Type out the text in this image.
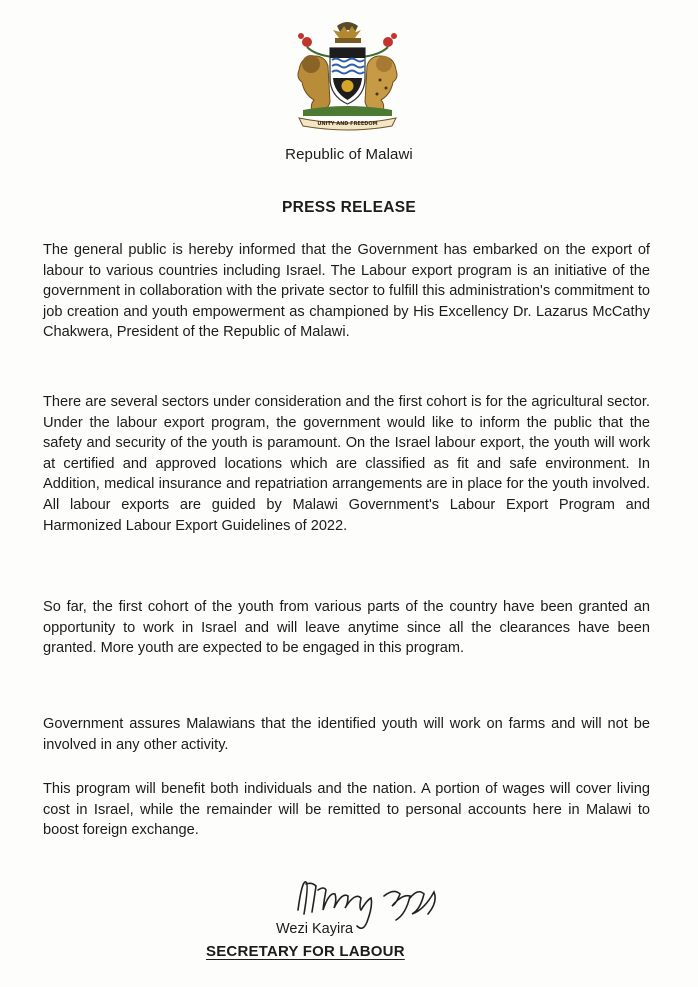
UNITY AND FREEDOM
Republic of Malawi
PRESS RELEASE

The general public is hereby informed that the Government has embarked on the export of labour to various countries including Israel. The Labour export program is an initiative of the government in collaboration with the private sector to fulfill this administration's commitment to job creation and youth empowerment as championed by His Excellency Dr. Lazarus McCathy Chakwera, President of the Republic of Malawi.

There are several sectors under consideration and the first cohort is for the agricultural sector. Under the labour export program, the government would like to inform the public that the safety and security of the youth is paramount. On the Israel labour export, the youth will work at certified and approved locations which are classified as fit and safe environment. In Addition, medical insurance and repatriation arrangements are in place for the youth involved. All labour exports are guided by Malawi Government's Labour Export Program and Harmonized Labour Export Guidelines of 2022.

So far, the first cohort of the youth from various parts of the country have been granted an opportunity to work in Israel and will leave anytime since all the clearances have been granted. More youth are expected to be engaged in this program.

Government assures Malawians that the identified youth will work on farms and will not be involved in any other activity.

This program will benefit both individuals and the nation. A portion of wages will cover living cost in Israel, while the remainder will be remitted to personal accounts here in Malawi to boost foreign exchange.

Wezi Kayira
SECRETARY FOR LABOUR
